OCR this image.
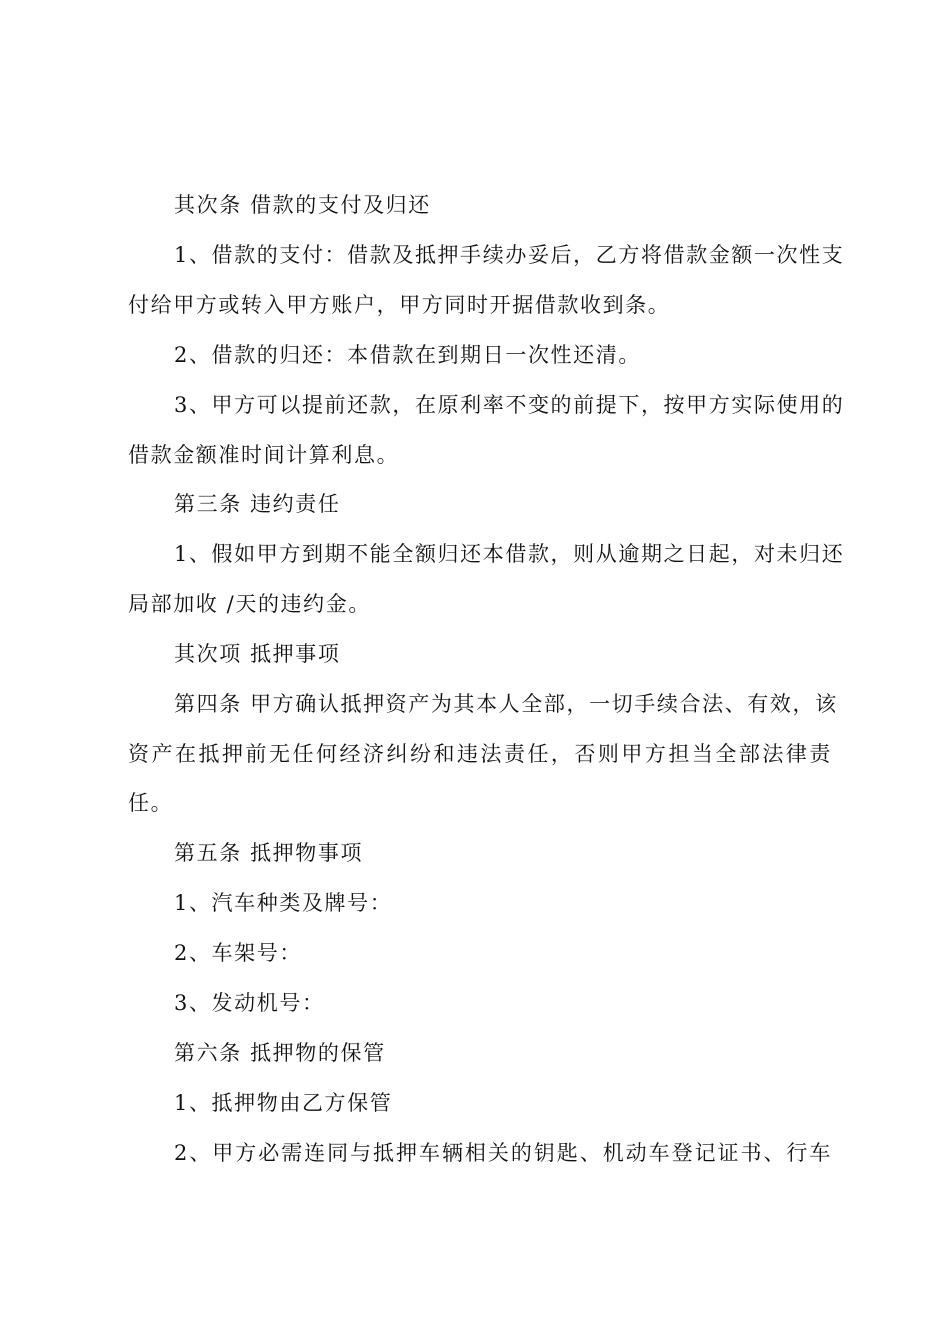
其次条 借款的支付及归还
1、借款的支付：借款及抵押手续办妥后，乙方将借款金额一次性支
付给甲方或转入甲方账户，甲方同时开据借款收到条。
2、借款的归还：本借款在到期日一次性还清。
3、甲方可以提前还款，在原利率不变的前提下，按甲方实际使用的
借款金额准时间计算利息。
第三条 违约责任
1、假如甲方到期不能全额归还本借款，则从逾期之日起，对未归还
局部加收 /天的违约金。
其次项 抵押事项
第四条 甲方确认抵押资产为其本人全部，一切手续合法、有效，该
资产在抵押前无任何经济纠纷和违法责任，否则甲方担当全部法律责
任。
第五条 抵押物事项
1、汽车种类及牌号：
2、车架号：
3、发动机号：
第六条 抵押物的保管
1、抵押物由乙方保管
2、甲方必需连同与抵押车辆相关的钥匙、机动车登记证书、行车
